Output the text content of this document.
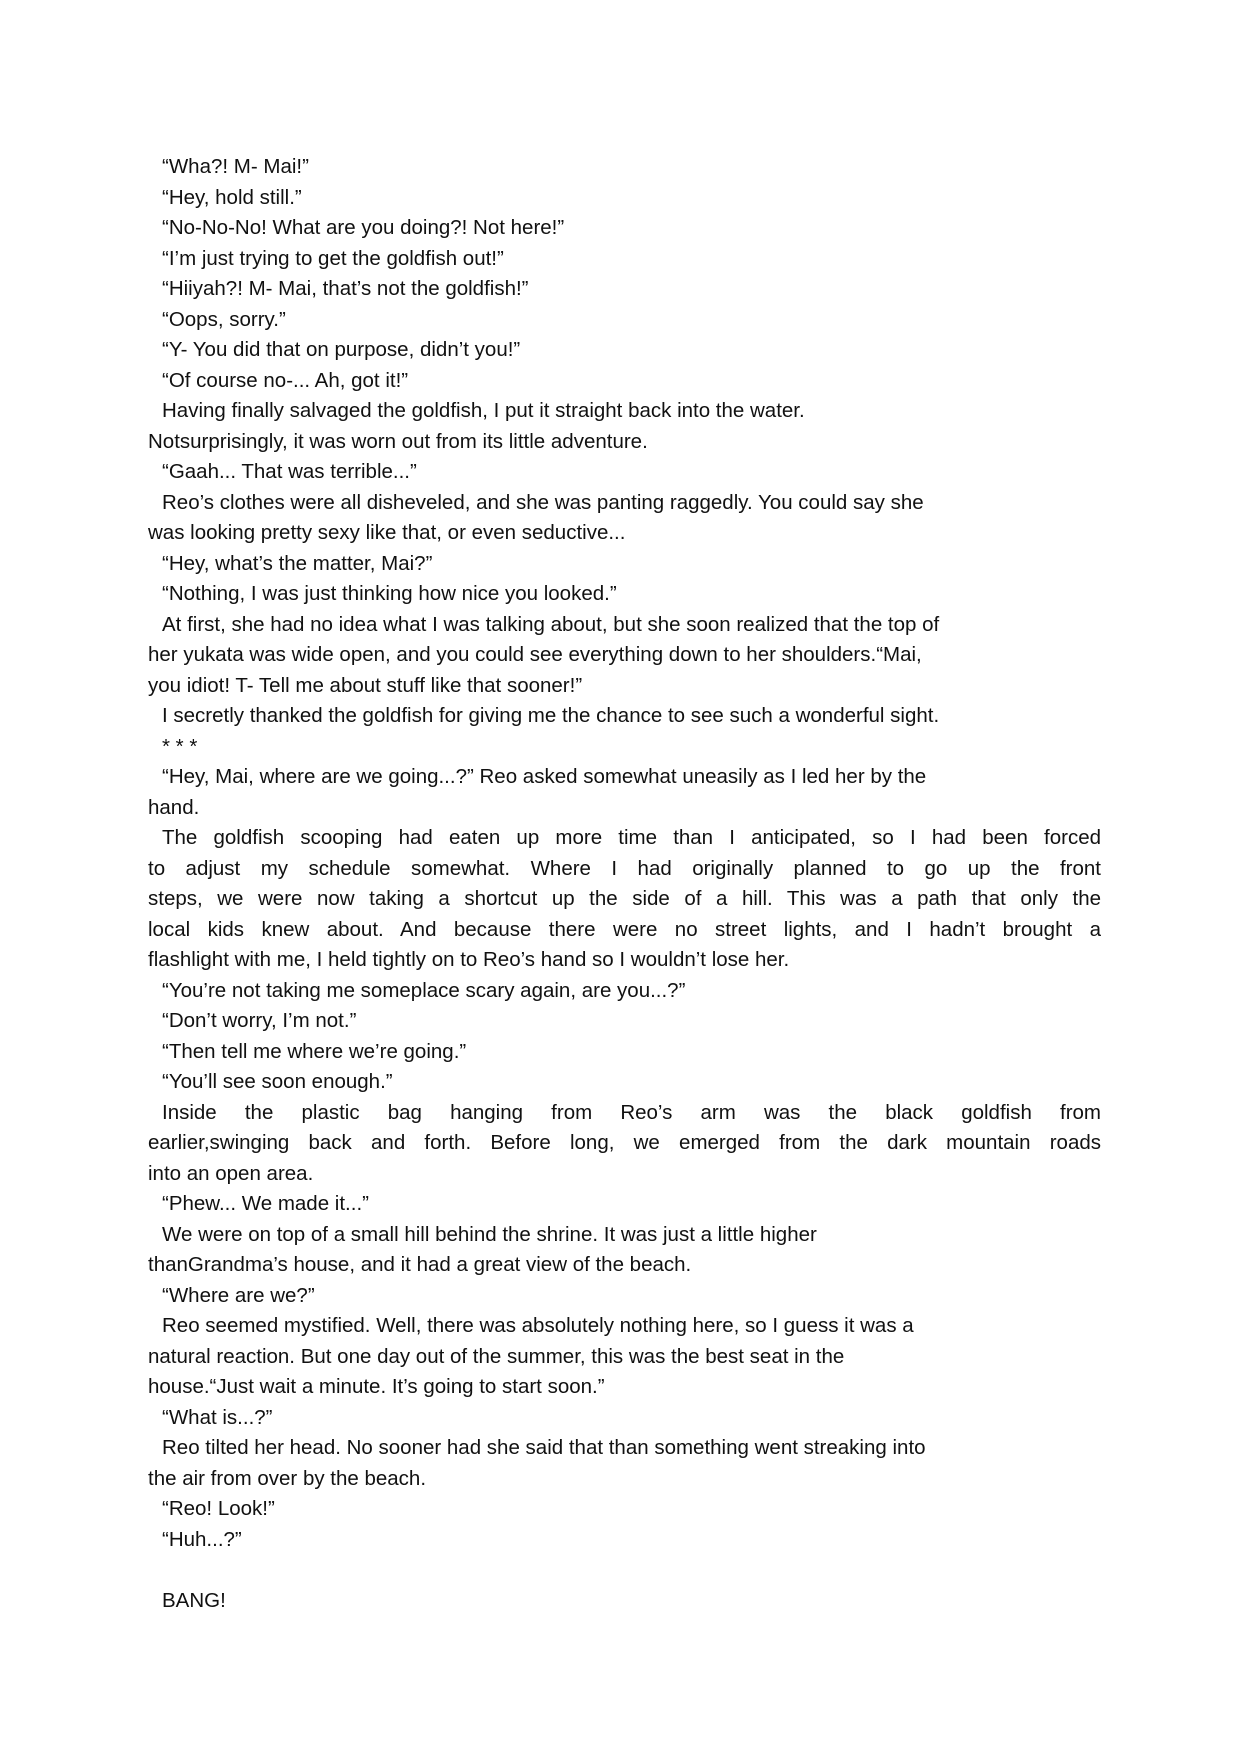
“Wha?! M- Mai!”
“Hey, hold still.”
“No-No-No! What are you doing?! Not here!”
“I’m just trying to get the goldfish out!”
“Hiiyah?! M- Mai, that’s not the goldfish!”
“Oops, sorry.”
“Y- You did that on purpose, didn’t you!”
“Of course no-... Ah, got it!”
Having finally salvaged the goldfish, I put it straight back into the water.
Notsurprisingly, it was worn out from its little adventure.
“Gaah... That was terrible...”
Reo’s clothes were all disheveled, and she was panting raggedly. You could say she
was looking pretty sexy like that, or even seductive...
“Hey, what’s the matter, Mai?”
“Nothing, I was just thinking how nice you looked.”
At first, she had no idea what I was talking about, but she soon realized that the top of
her yukata was wide open, and you could see everything down to her shoulders.“Mai,
you idiot! T- Tell me about stuff like that sooner!”
I secretly thanked the goldfish for giving me the chance to see such a wonderful sight.
* * *
“Hey, Mai, where are we going...?” Reo asked somewhat uneasily as I led her by the
hand.
The goldfish scooping had eaten up more time than I anticipated, so I had been forced
to adjust my schedule somewhat. Where I had originally planned to go up the front
steps, we were now taking a shortcut up the side of a hill. This was a path that only the
local kids knew about. And because there were no street lights, and I hadn’t brought a
flashlight with me, I held tightly on to Reo’s hand so I wouldn’t lose her.
“You’re not taking me someplace scary again, are you...?”
“Don’t worry, I’m not.”
“Then tell me where we’re going.”
“You’ll see soon enough.”
Inside the plastic bag hanging from Reo’s arm was the black goldfish from
earlier,swinging back and forth. Before long, we emerged from the dark mountain roads
into an open area.
“Phew... We made it...”
We were on top of a small hill behind the shrine. It was just a little higher
thanGrandma’s house, and it had a great view of the beach.
“Where are we?”
Reo seemed mystified. Well, there was absolutely nothing here, so I guess it was a
natural reaction. But one day out of the summer, this was the best seat in the
house.“Just wait a minute. It’s going to start soon.”
“What is...?”
Reo tilted her head. No sooner had she said that than something went streaking into
the air from over by the beach.
“Reo! Look!”
“Huh...?”
BANG!
